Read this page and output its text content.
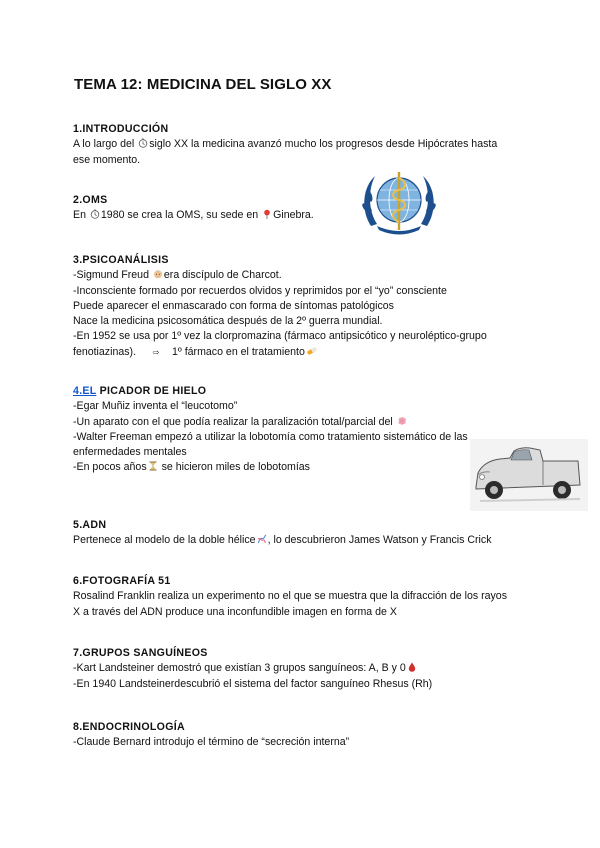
TEMA 12: MEDICINA DEL SIGLO XX
1.INTRODUCCIÓN

A lo largo del siglo XX la medicina avanzó mucho los progresos desde Hipócrates hasta

ese momento.

2.OMS

En 1980 se crea la OMS, su sede en Ginebra.

3.PSICOANÁLISIS

-Sigmund Freud era discípulo de Charcot.

-Inconsciente formado por recuerdos olvidos y reprimidos por el “yo” consciente

Puede aparecer el enmascarado con forma de síntomas patológicos

Nace la medicina psicosomática después de la 2º guerra mundial.

-En 1952 se usa por 1º vez la clorpromazina (fármaco antipsicótico y neuroléptico-grupo

fenotiazinas). ⇨ 1º fármaco en el tratamiento

4.EL PICADOR DE HIELO

-Egar Muñiz inventa el “leucotomo”

-Un aparato con el que podía realizar la paralización total/parcial del

-Walter Freeman empezó a utilizar la lobotomía como tratamiento sistemático de las

enfermedades mentales

-En pocos años se hicieron miles de lobotomías

5.ADN

Pertenece al modelo de la doble hélice , lo descubrieron James Watson y Francis Crick

6.FOTOGRAFÍA 51

Rosalind Franklin realiza un experimento no el que se muestra que la difracción de los rayos

X a través del ADN produce una inconfundible imagen en forma de X

7.GRUPOS SANGUÍNEOS

-Kart Landsteiner demostró que existían 3 grupos sanguíneos: A, B y 0

-En 1940 Landsteinerdescubrió el sistema del factor sanguíneo Rhesus (Rh)

8.ENDOCRINOLOGÍA

-Claude Bernard introdujo el término de “secreción interna”
